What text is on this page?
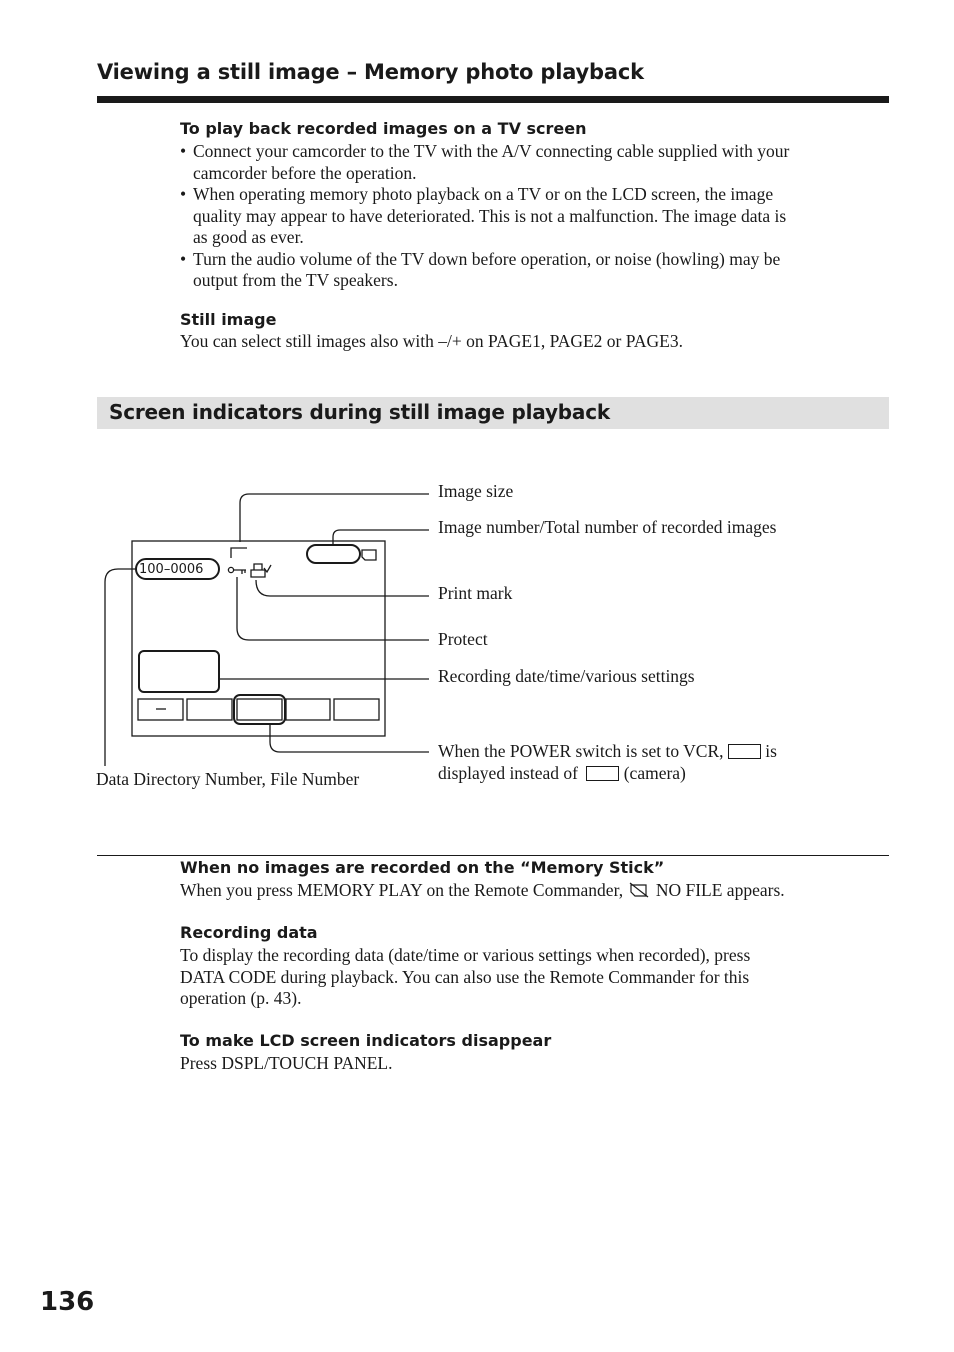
Viewing a still image – Memory photo playback
To play back recorded images on a TV screen
• Connect your camcorder to the TV with the A/V connecting cable supplied with your
camcorder before the operation.
• When operating memory photo playback on a TV or on the LCD screen, the image
quality may appear to have deteriorated. This is not a malfunction. The image data is
as good as ever.
• Turn the audio volume of the TV down before operation, or noise (howling) may be
output from the TV speakers.
Still image
You can select still images also with –/+ on PAGE1, PAGE2 or PAGE3.
Screen indicators during still image playback
100–0006
Image size
Image number/Total number of recorded images
Print mark
Protect
Recording date/time/various settings
When the POWER switch is set to VCR, is
displayed instead of	(camera)
Data Directory Number, File Number
When no images are recorded on the “Memory Stick”
When you press MEMORY PLAY on the Remote Commander, NO FILE appears.
Recording data
To display the recording data (date/time or various settings when recorded), press
DATA CODE during playback. You can also use the Remote Commander for this
operation (p. 43).
To make LCD screen indicators disappear
Press DSPL/TOUCH PANEL.
136
